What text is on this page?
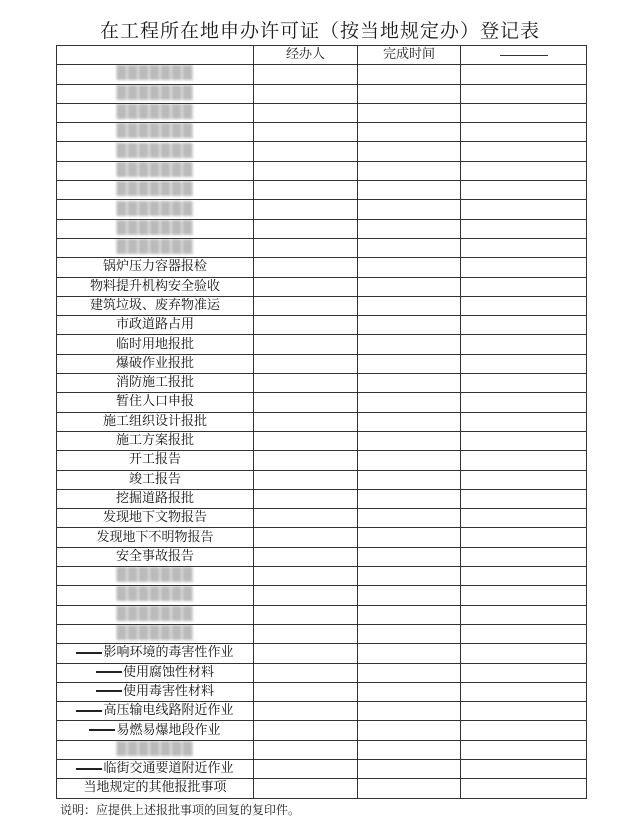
在工程所在地申办许可证（按当地规定办）登记表
	经办人	完成时间	
▒▒▒▒▒▒▒			
▒▒▒▒▒▒▒			
▒▒▒▒▒▒▒			
▒▒▒▒▒▒▒			
▒▒▒▒▒▒▒			
▒▒▒▒▒▒▒			
▒▒▒▒▒▒▒			
▒▒▒▒▒▒▒			
▒▒▒▒▒▒▒			
▒▒▒▒▒▒▒			
锅炉压力容器报检			
物料提升机构安全验收			
建筑垃圾、废弃物准运			
市政道路占用			
临时用地报批			
爆破作业报批			
消防施工报批			
暂住人口申报			
施工组织设计报批			
施工方案报批			
开工报告			
竣工报告			
挖掘道路报批			
发现地下文物报告			
发现地下不明物报告			
安全事故报告			
▒▒▒▒▒▒▒			
▒▒▒▒▒▒▒			
▒▒▒▒▒▒▒			
▒▒▒▒▒▒▒			
影响环境的毒害性作业			
使用腐蚀性材料			
使用毒害性材料			
高压输电线路附近作业			
易燃易爆地段作业			
▒▒▒▒▒▒▒			
临街交通要道附近作业			
当地规定的其他报批事项			
说明：应提供上述报批事项的回复的复印件。
